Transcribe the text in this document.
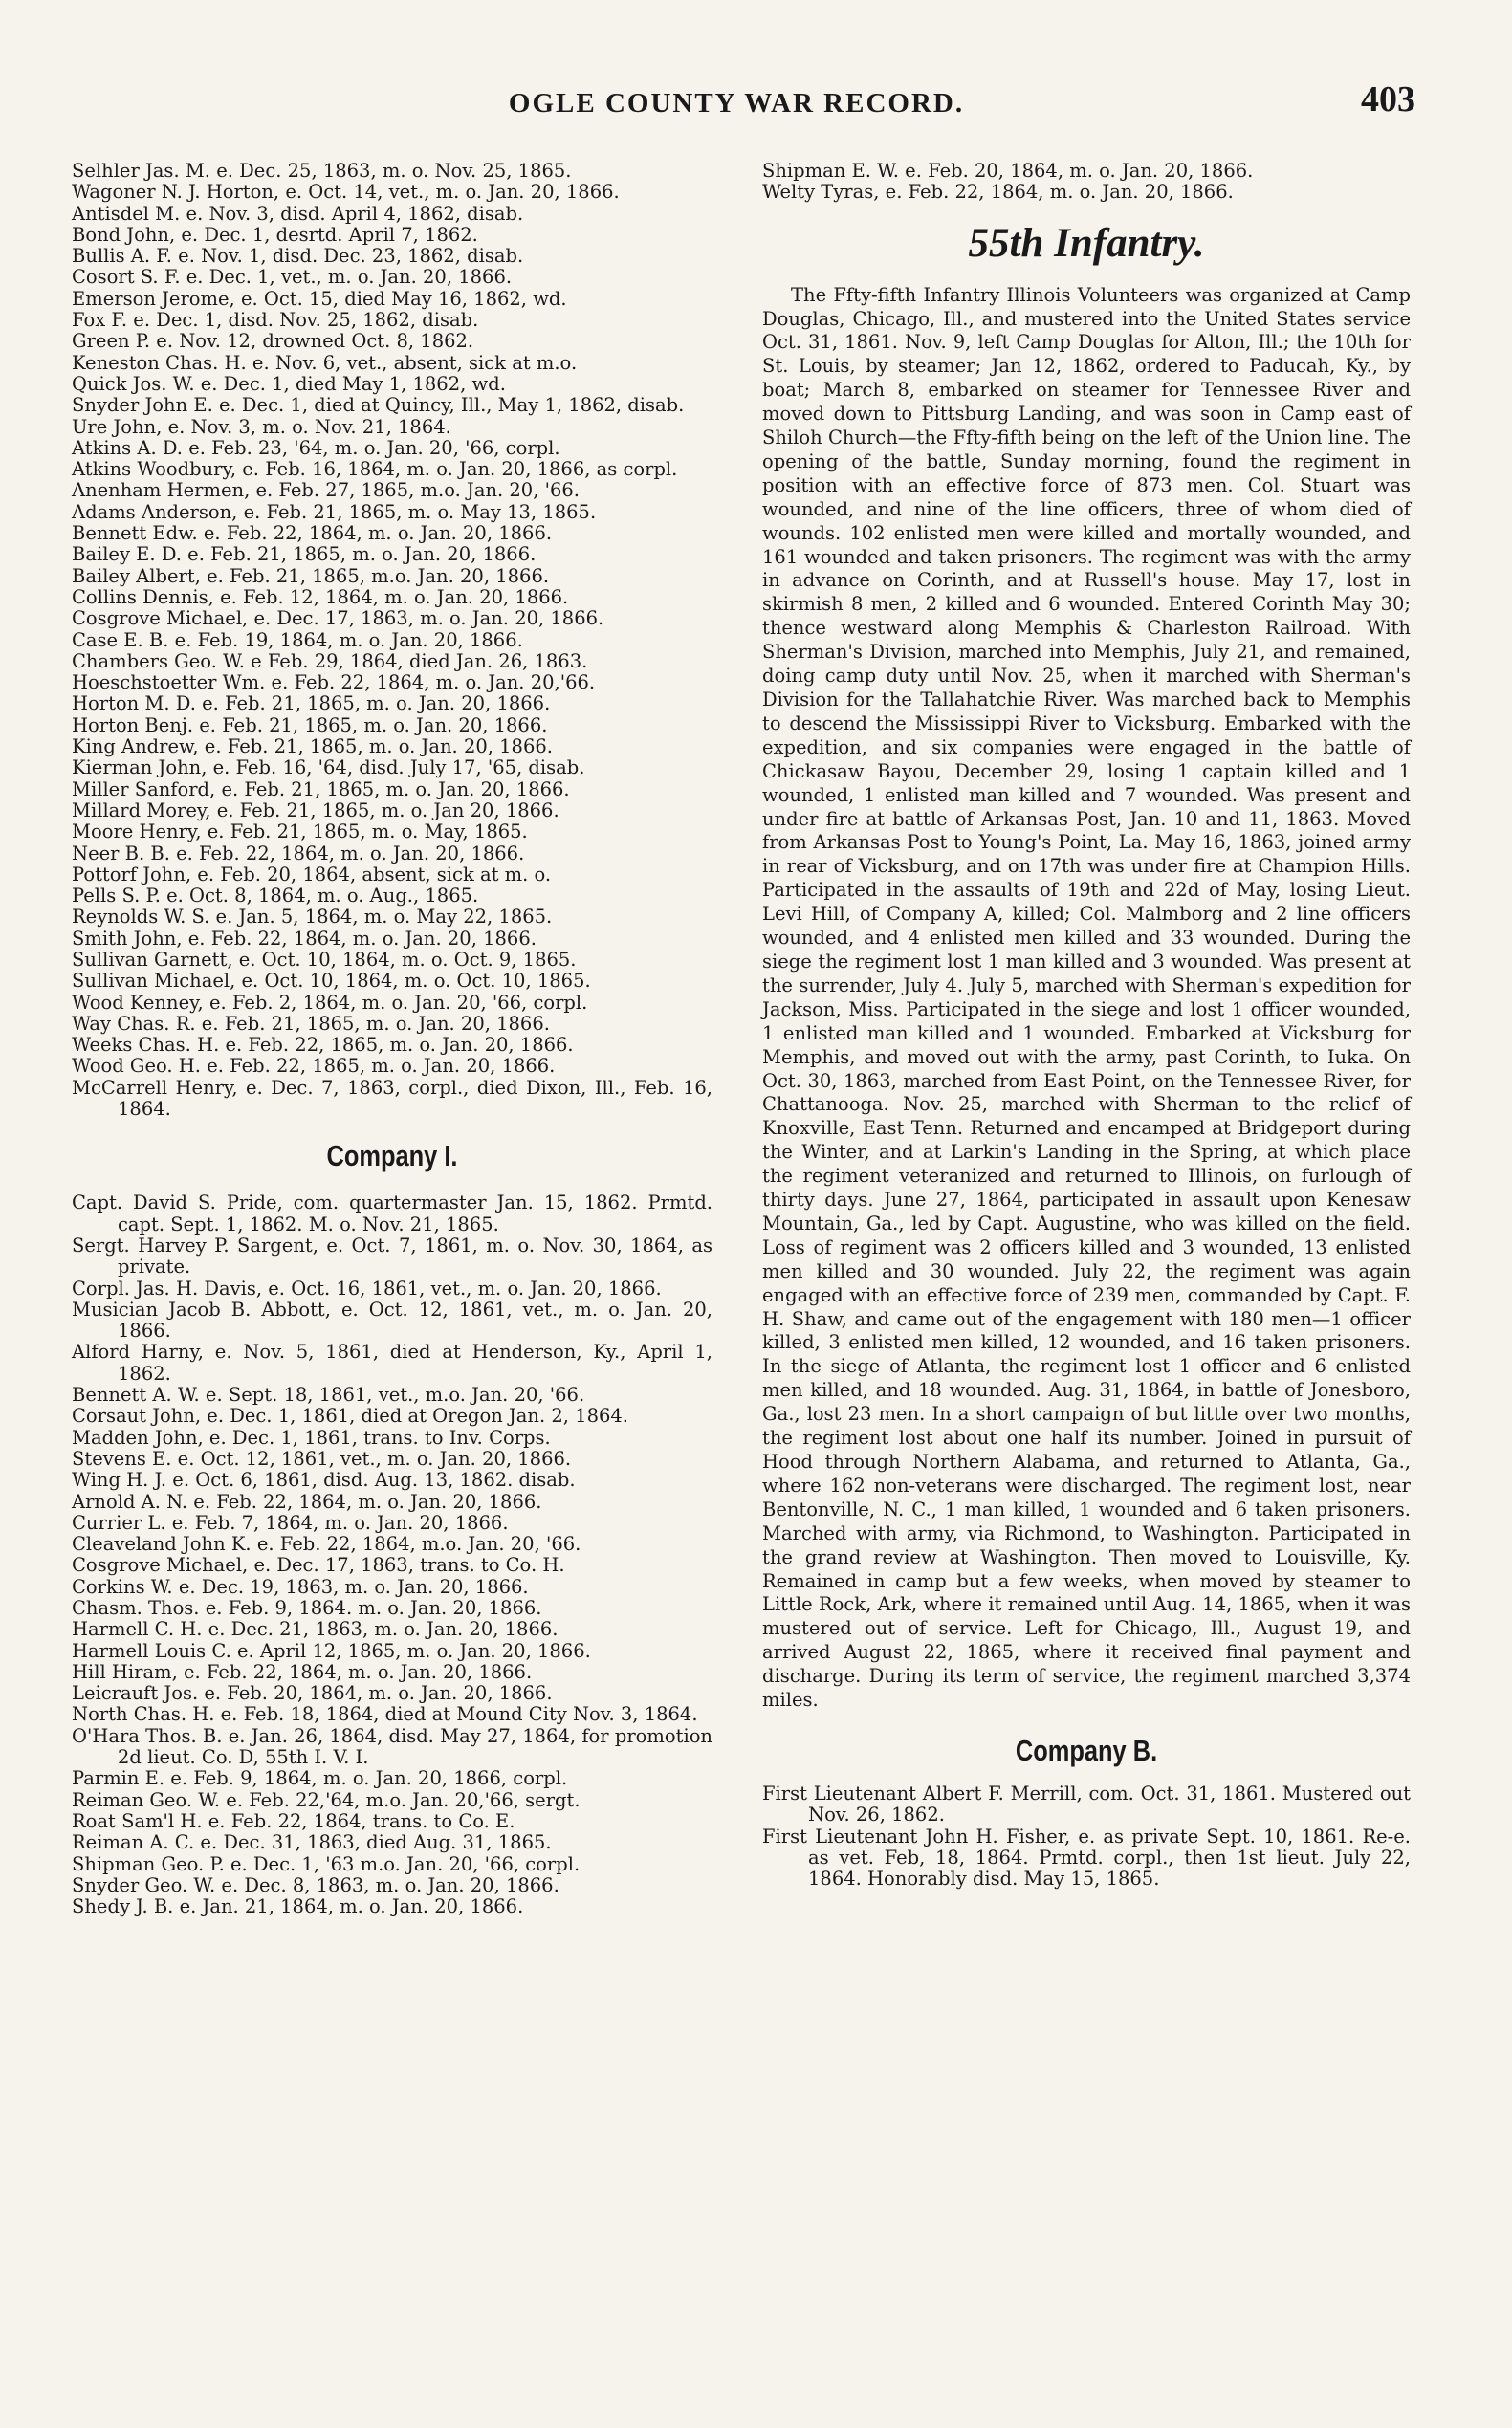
OGLE COUNTY WAR RECORD.	403

Selhler Jas. M. e. Dec. 25, 1863, m. o. Nov. 25, 1865.

Wagoner N. J. Horton, e. Oct. 14, vet., m. o. Jan. 20, 1866.

Antisdel M. e. Nov. 3, disd. April 4, 1862, disab.

Bond John, e. Dec. 1, desrtd. April 7, 1862.

Bullis A. F. e. Nov. 1, disd. Dec. 23, 1862, disab.

Cosort S. F. e. Dec. 1, vet., m. o. Jan. 20, 1866.

Emerson Jerome, e. Oct. 15, died May 16, 1862, wd.

Fox F. e. Dec. 1, disd. Nov. 25, 1862, disab.

Green P. e. Nov. 12, drowned Oct. 8, 1862.

Keneston Chas. H. e. Nov. 6, vet., absent, sick at m.o.

Quick Jos. W. e. Dec. 1, died May 1, 1862, wd.

Snyder John E. e. Dec. 1, died at Quincy, Ill., May 1, 1862, disab.

Ure John, e. Nov. 3, m. o. Nov. 21, 1864.

Atkins A. D. e. Feb. 23, '64, m. o. Jan. 20, '66, corpl.

Atkins Woodbury, e. Feb. 16, 1864, m. o. Jan. 20, 1866, as corpl.

Anenham Hermen, e. Feb. 27, 1865, m.o. Jan. 20, '66.

Adams Anderson, e. Feb. 21, 1865, m. o. May 13, 1865.

Bennett Edw. e. Feb. 22, 1864, m. o. Jan. 20, 1866.

Bailey E. D. e. Feb. 21, 1865, m. o. Jan. 20, 1866.

Bailey Albert, e. Feb. 21, 1865, m.o. Jan. 20, 1866.

Collins Dennis, e. Feb. 12, 1864, m. o. Jan. 20, 1866.

Cosgrove Michael, e. Dec. 17, 1863, m. o. Jan. 20, 1866.

Case E. B. e. Feb. 19, 1864, m. o. Jan. 20, 1866.

Chambers Geo. W. e Feb. 29, 1864, died Jan. 26, 1863.

Hoeschstoetter Wm. e. Feb. 22, 1864, m. o. Jan. 20,'66.

Horton M. D. e. Feb. 21, 1865, m. o. Jan. 20, 1866.

Horton Benj. e. Feb. 21, 1865, m. o. Jan. 20, 1866.

King Andrew, e. Feb. 21, 1865, m. o. Jan. 20, 1866.

Kierman John, e. Feb. 16, '64, disd. July 17, '65, disab.

Miller Sanford, e. Feb. 21, 1865, m. o. Jan. 20, 1866.

Millard Morey, e. Feb. 21, 1865, m. o. Jan 20, 1866.

Moore Henry, e. Feb. 21, 1865, m. o. May, 1865.

Neer B. B. e. Feb. 22, 1864, m. o. Jan. 20, 1866.

Pottorf John, e. Feb. 20, 1864, absent, sick at m. o.

Pells S. P. e. Oct. 8, 1864, m. o. Aug., 1865.

Reynolds W. S. e. Jan. 5, 1864, m. o. May 22, 1865.

Smith John, e. Feb. 22, 1864, m. o. Jan. 20, 1866.

Sullivan Garnett, e. Oct. 10, 1864, m. o. Oct. 9, 1865.

Sullivan Michael, e. Oct. 10, 1864, m. o. Oct. 10, 1865.

Wood Kenney, e. Feb. 2, 1864, m. o. Jan. 20, '66, corpl.

Way Chas. R. e. Feb. 21, 1865, m. o. Jan. 20, 1866.

Weeks Chas. H. e. Feb. 22, 1865, m. o. Jan. 20, 1866.

Wood Geo. H. e. Feb. 22, 1865, m. o. Jan. 20, 1866.

McCarrell Henry, e. Dec. 7, 1863, corpl., died Dixon, Ill., Feb. 16, 1864.

Company I.

Capt. David S. Pride, com. quartermaster Jan. 15, 1862. Prmtd. capt. Sept. 1, 1862. M. o. Nov. 21, 1865.

Sergt. Harvey P. Sargent, e. Oct. 7, 1861, m. o. Nov. 30, 1864, as private.

Corpl. Jas. H. Davis, e. Oct. 16, 1861, vet., m. o. Jan. 20, 1866.

Musician Jacob B. Abbott, e. Oct. 12, 1861, vet., m. o. Jan. 20, 1866.

Alford Harny, e. Nov. 5, 1861, died at Henderson, Ky., April 1, 1862.

Bennett A. W. e. Sept. 18, 1861, vet., m.o. Jan. 20, '66.

Corsaut John, e. Dec. 1, 1861, died at Oregon Jan. 2, 1864.

Madden John, e. Dec. 1, 1861, trans. to Inv. Corps.

Stevens E. e. Oct. 12, 1861, vet., m. o. Jan. 20, 1866.

Wing H. J. e. Oct. 6, 1861, disd. Aug. 13, 1862. disab.

Arnold A. N. e. Feb. 22, 1864, m. o. Jan. 20, 1866.

Currier L. e. Feb. 7, 1864, m. o. Jan. 20, 1866.

Cleaveland John K. e. Feb. 22, 1864, m.o. Jan. 20, '66.

Cosgrove Michael, e. Dec. 17, 1863, trans. to Co. H.

Corkins W. e. Dec. 19, 1863, m. o. Jan. 20, 1866.

Chasm. Thos. e. Feb. 9, 1864. m. o. Jan. 20, 1866.

Harmell C. H. e. Dec. 21, 1863, m. o. Jan. 20, 1866.

Harmell Louis C. e. April 12, 1865, m. o. Jan. 20, 1866.

Hill Hiram, e. Feb. 22, 1864, m. o. Jan. 20, 1866.

Leicrauft Jos. e. Feb. 20, 1864, m. o. Jan. 20, 1866.

North Chas. H. e. Feb. 18, 1864, died at Mound City Nov. 3, 1864.

O'Hara Thos. B. e. Jan. 26, 1864, disd. May 27, 1864, for promotion 2d lieut. Co. D, 55th I. V. I.

Parmin E. e. Feb. 9, 1864, m. o. Jan. 20, 1866, corpl.

Reiman Geo. W. e. Feb. 22,'64, m.o. Jan. 20,'66, sergt.

Roat Sam'l H. e. Feb. 22, 1864, trans. to Co. E.

Reiman A. C. e. Dec. 31, 1863, died Aug. 31, 1865.

Shipman Geo. P. e. Dec. 1, '63 m.o. Jan. 20, '66, corpl.

Snyder Geo. W. e. Dec. 8, 1863, m. o. Jan. 20, 1866.

Shedy J. B. e. Jan. 21, 1864, m. o. Jan. 20, 1866.

Shipman E. W. e. Feb. 20, 1864, m. o. Jan. 20, 1866.

Welty Tyras, e. Feb. 22, 1864, m. o. Jan. 20, 1866.

55th Infantry.

The Ffty-fifth Infantry Illinois Volunteers was organized at Camp Douglas, Chicago, Ill., and mustered into the United States service Oct. 31, 1861. Nov. 9, left Camp Douglas for Alton, Ill.; the 10th for St. Louis, by steamer; Jan 12, 1862, ordered to Paducah, Ky., by boat; March 8, embarked on steamer for Tennessee River and moved down to Pittsburg Landing, and was soon in Camp east of Shiloh Church—the Ffty-fifth being on the left of the Union line. The opening of the battle, Sunday morning, found the regiment in position with an effective force of 873 men. Col. Stuart was wounded, and nine of the line officers, three of whom died of wounds. 102 enlisted men were killed and mortally wounded, and 161 wounded and taken prisoners. The regiment was with the army in advance on Corinth, and at Russell's house. May 17, lost in skirmish 8 men, 2 killed and 6 wounded. Entered Corinth May 30; thence westward along Memphis & Charleston Railroad. With Sherman's Division, marched into Memphis, July 21, and remained, doing camp duty until Nov. 25, when it marched with Sherman's Division for the Tallahatchie River. Was marched back to Memphis to descend the Mississippi River to Vicksburg. Embarked with the expedition, and six companies were engaged in the battle of Chickasaw Bayou, December 29, losing 1 captain killed and 1 wounded, 1 enlisted man killed and 7 wounded. Was present and under fire at battle of Arkansas Post, Jan. 10 and 11, 1863. Moved from Arkansas Post to Young's Point, La. May 16, 1863, joined army in rear of Vicksburg, and on 17th was under fire at Champion Hills. Participated in the assaults of 19th and 22d of May, losing Lieut. Levi Hill, of Company A, killed; Col. Malmborg and 2 line officers wounded, and 4 enlisted men killed and 33 wounded. During the siege the regiment lost 1 man killed and 3 wounded. Was present at the surrender, July 4. July 5, marched with Sherman's expedition for Jackson, Miss. Participated in the siege and lost 1 officer wounded, 1 enlisted man killed and 1 wounded. Embarked at Vicksburg for Memphis, and moved out with the army, past Corinth, to Iuka. On Oct. 30, 1863, marched from East Point, on the Tennessee River, for Chattanooga. Nov. 25, marched with Sherman to the relief of Knoxville, East Tenn. Returned and encamped at Bridgeport during the Winter, and at Larkin's Landing in the Spring, at which place the regiment veteranized and returned to Illinois, on furlough of thirty days. June 27, 1864, participated in assault upon Kenesaw Mountain, Ga., led by Capt. Augustine, who was killed on the field. Loss of regiment was 2 officers killed and 3 wounded, 13 enlisted men killed and 30 wounded. July 22, the regiment was again engaged with an effective force of 239 men, commanded by Capt. F. H. Shaw, and came out of the engagement with 180 men—1 officer killed, 3 enlisted men killed, 12 wounded, and 16 taken prisoners. In the siege of Atlanta, the regiment lost 1 officer and 6 enlisted men killed, and 18 wounded. Aug. 31, 1864, in battle of Jonesboro, Ga., lost 23 men. In a short campaign of but little over two months, the regiment lost about one half its number. Joined in pursuit of Hood through Northern Alabama, and returned to Atlanta, Ga., where 162 non-veterans were discharged. The regiment lost, near Bentonville, N. C., 1 man killed, 1 wounded and 6 taken prisoners. Marched with army, via Richmond, to Washington. Participated in the grand review at Washington. Then moved to Louisville, Ky. Remained in camp but a few weeks, when moved by steamer to Little Rock, Ark, where it remained until Aug. 14, 1865, when it was mustered out of service. Left for Chicago, Ill., August 19, and arrived August 22, 1865, where it received final payment and discharge. During its term of service, the regiment marched 3,374 miles.

Company B.

First Lieutenant Albert F. Merrill, com. Oct. 31, 1861. Mustered out Nov. 26, 1862.

First Lieutenant John H. Fisher, e. as private Sept. 10, 1861. Re-e. as vet. Feb, 18, 1864. Prmtd. corpl., then 1st lieut. July 22, 1864. Honorably disd. May 15, 1865.
